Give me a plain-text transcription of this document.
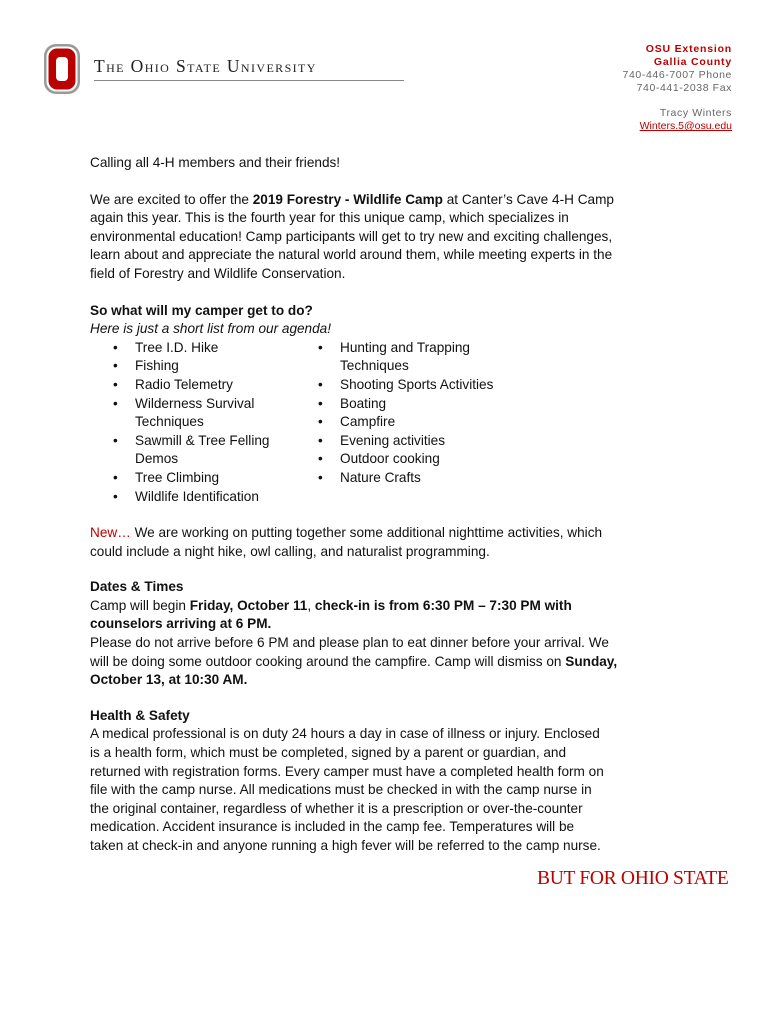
The Ohio State University
OSU Extension
Gallia County
740-446-7007 Phone
740-441-2038 Fax
Tracy Winters
Winters.5@osu.edu

Calling all 4-H members and their friends!

We are excited to offer the 2019 Forestry - Wildlife Camp at Canter’s Cave 4-H Camp again this year. This is the fourth year for this unique camp, which specializes in environmental education! Camp participants will get to try new and exciting challenges, learn about and appreciate the natural world around them, while meeting experts in the field of Forestry and Wildlife Conservation.

So what will my camper get to do?

Here is just a short list from our agenda!

• Tree I.D. Hike
• Fishing
• Radio Telemetry
• Wilderness Survival Techniques
• Sawmill & Tree Felling Demos
• Tree Climbing
• Wildlife Identification
• Hunting and Trapping Techniques
• Shooting Sports Activities
• Boating
• Campfire
• Evening activities
• Outdoor cooking
• Nature Crafts

New… We are working on putting together some additional nighttime activities, which could include a night hike, owl calling, and naturalist programming.

Dates & Times

Camp will begin Friday, October 11, check-in is from 6:30 PM – 7:30 PM with counselors arriving at 6 PM.

Please do not arrive before 6 PM and please plan to eat dinner before your arrival. We will be doing some outdoor cooking around the campfire. Camp will dismiss on Sunday, October 13, at 10:30 AM.

Health & Safety

A medical professional is on duty 24 hours a day in case of illness or injury. Enclosed is a health form, which must be completed, signed by a parent or guardian, and returned with registration forms. Every camper must have a completed health form on file with the camp nurse. All medications must be checked in with the camp nurse in the original container, regardless of whether it is a prescription or over-the-counter medication. Accident insurance is included in the camp fee. Temperatures will be taken at check-in and anyone running a high fever will be referred to the camp nurse.

BUT FOR OHIO STATE
